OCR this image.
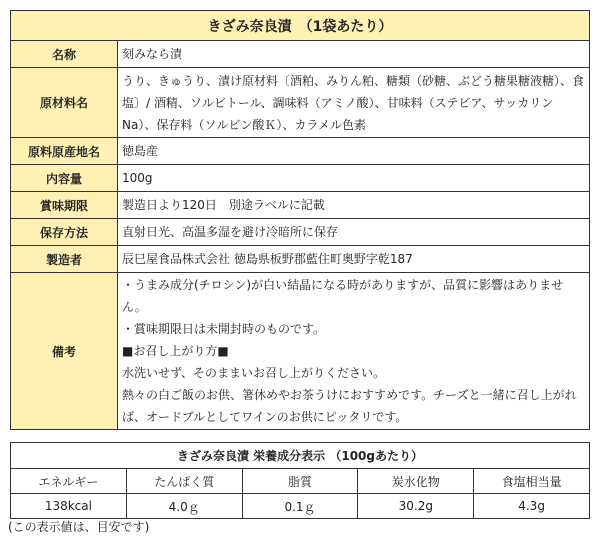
きざみ奈良漬　（1袋あたり）	
名称	刻みなら漬
原材料名	うり、きゅうり、漬け原材料〔酒粕、みりん粕、糖類（砂糖、ぶどう糖果糖液糖）、食塩〕/ 酒精、ソルビトール、調味料（アミノ酸）、甘味料（ステビア、サッカリンNa）、保存料（ソルビン酸Ｋ）、カラメル色素
原料原産地名	徳島産
内容量	100g
賞味期限	製造日より120日　別途ラベルに記載
保存方法	直射日光、高温多湿を避け冷暗所に保存
製造者	辰巳屋食品株式会社 徳島県板野郡藍住町奥野字乾187
備考	・うまみ成分(チロシン)が白い結晶になる時がありますが、品質に影響はありません。
・賞味期限日は未開封時のものです。
■お召し上がり方■
水洗いせず、そのままいお召し上がりください。
熱々の白ご飯のお供、箸休めやお茶うけにおすすめです。チーズと一緒に召し上がれば、オードブルとしてワインのお供にピッタリです。
きざみ奈良漬 栄養成分表示 （100gあたり）				
エネルギー	たんぱく質	脂質	炭水化物	食塩相当量
138kcal	4.0ｇ	0.1ｇ	30.2g	4.3g
(この表示値は、目安です)
